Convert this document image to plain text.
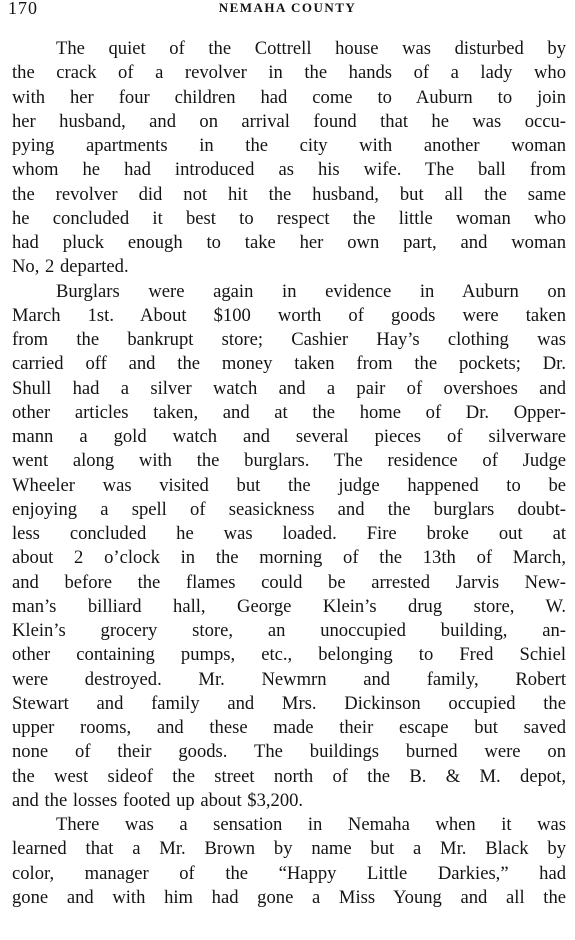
170	NEMAHA COUNTY

The quiet of the Cottrell house was disturbed by
the crack of a revolver in the hands of a lady who
with her four children had come to Auburn to join
her husband, and on arrival found that he was occu-
pying apartments in the city with another woman
whom he had introduced as his wife. The ball from
the revolver did not hit the husband, but all the same
he concluded it best to respect the little woman who
had pluck enough to take her own part, and woman
No, 2 departed.

Burglars were again in evidence in Auburn on
March 1st. About $100 worth of goods were taken
from the bankrupt store; Cashier Hay’s clothing was
carried off and the money taken from the pockets; Dr.
Shull had a silver watch and a pair of overshoes and
other articles taken, and at the home of Dr. Opper-
mann a gold watch and several pieces of silverware
went along with the burglars. The residence of Judge
Wheeler was visited but the judge happened to be
enjoying a spell of seasickness and the burglars doubt-
less concluded he was loaded. Fire broke out at
about 2 o’clock in the morning of the 13th of March,
and before the flames could be arrested Jarvis New-
man’s billiard hall, George Klein’s drug store, W.
Klein’s grocery store, an unoccupied building, an-
other containing pumps, etc., belonging to Fred Schiel
were destroyed. Mr. Newmrn and family, Robert
Stewart and family and Mrs. Dickinson occupied the
upper rooms, and these made their escape but saved
none of their goods. The buildings burned were on
the west sideof the street north of the B. & M. depot,
and the losses footed up about $3,200.

There was a sensation in Nemaha when it was
learned that a Mr. Brown by name but a Mr. Black by
color, manager of the “Happy Little Darkies,” had
gone and with him had gone a Miss Young and all the
